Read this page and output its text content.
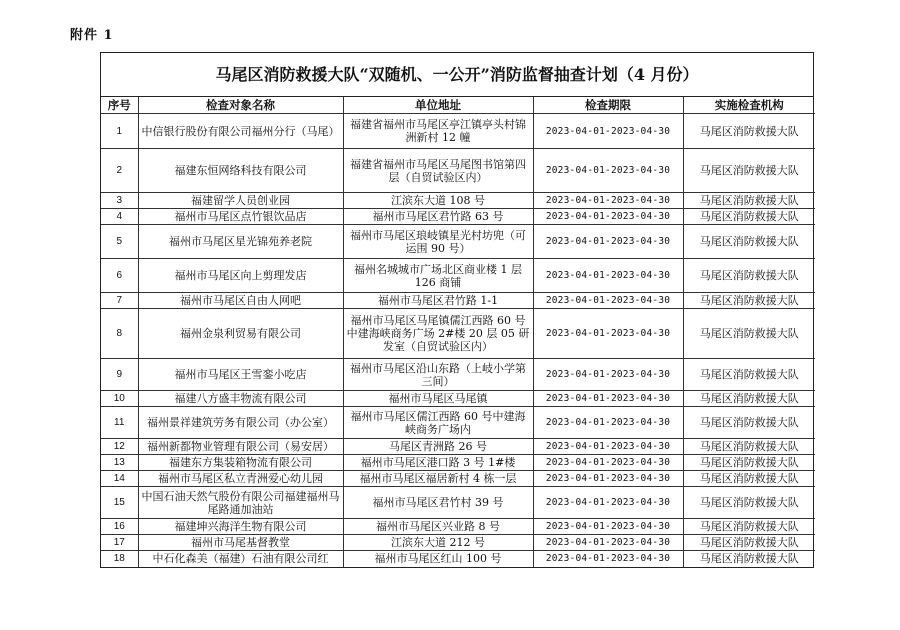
附件 1
马尾区消防救援大队“双随机、一公开”消防监督抽查计划（4 月份）
序号	检查对象名称	单位地址	检查期限	实施检查机构
1	中信银行股份有限公司福州分行（马尾）	福建省福州市马尾区亭江镇亭头村锦洲新村 12 幢	2023-04-01-2023-04-30	马尾区消防救援大队
2	福建东恒网络科技有限公司	福建省福州市马尾区马尾图书馆第四层（自贸试验区内）	2023-04-01-2023-04-30	马尾区消防救援大队
3	福建留学人员创业园	江滨东大道 108 号	2023-04-01-2023-04-30	马尾区消防救援大队
4	福州市马尾区点竹银饮品店	福州市马尾区君竹路 63 号	2023-04-01-2023-04-30	马尾区消防救援大队
5	福州市马尾区星光锦苑养老院	福州市马尾区琅岐镇星光村坊兜（可运围 90 号）	2023-04-01-2023-04-30	马尾区消防救援大队
6	福州市马尾区向上剪理发店	福州名城城市广场北区商业楼 1 层 126 商铺	2023-04-01-2023-04-30	马尾区消防救援大队
7	福州市马尾区自由人网吧	福州市马尾区君竹路 1-1	2023-04-01-2023-04-30	马尾区消防救援大队
8	福州金泉利贸易有限公司	福州市马尾区马尾镇儒江西路 60 号中建海峡商务广场 2#楼 20 层 05 研发室（自贸试验区内）	2023-04-01-2023-04-30	马尾区消防救援大队
9	福州市马尾区王雪銮小吃店	福州市马尾区沿山东路（上岐小学第三间）	2023-04-01-2023-04-30	马尾区消防救援大队
10	福建八方盛丰物流有限公司	福州市马尾区马尾镇	2023-04-01-2023-04-30	马尾区消防救援大队
11	福州景祥建筑劳务有限公司（办公室）	福州市马尾区儒江西路 60 号中建海峡商务广场内	2023-04-01-2023-04-30	马尾区消防救援大队
12	福州新都物业管理有限公司（易安居）	马尾区青洲路 26 号	2023-04-01-2023-04-30	马尾区消防救援大队
13	福建东方集装箱物流有限公司	福州市马尾区港口路 3 号 1#楼	2023-04-01-2023-04-30	马尾区消防救援大队
14	福州市马尾区私立青洲爱心幼儿园	福州市马尾区福居新村 4 栋一层	2023-04-01-2023-04-30	马尾区消防救援大队
15	中国石油天然气股份有限公司福建福州马尾路通加油站	福州市马尾区君竹村 39 号	2023-04-01-2023-04-30	马尾区消防救援大队
16	福建坤兴海洋生物有限公司	福州市马尾区兴业路 8 号	2023-04-01-2023-04-30	马尾区消防救援大队
17	福州市马尾基督教堂	江滨东大道 212 号	2023-04-01-2023-04-30	马尾区消防救援大队
18	中石化森美（福建）石油有限公司红	福州市马尾区红山 100 号	2023-04-01-2023-04-30	马尾区消防救援大队
